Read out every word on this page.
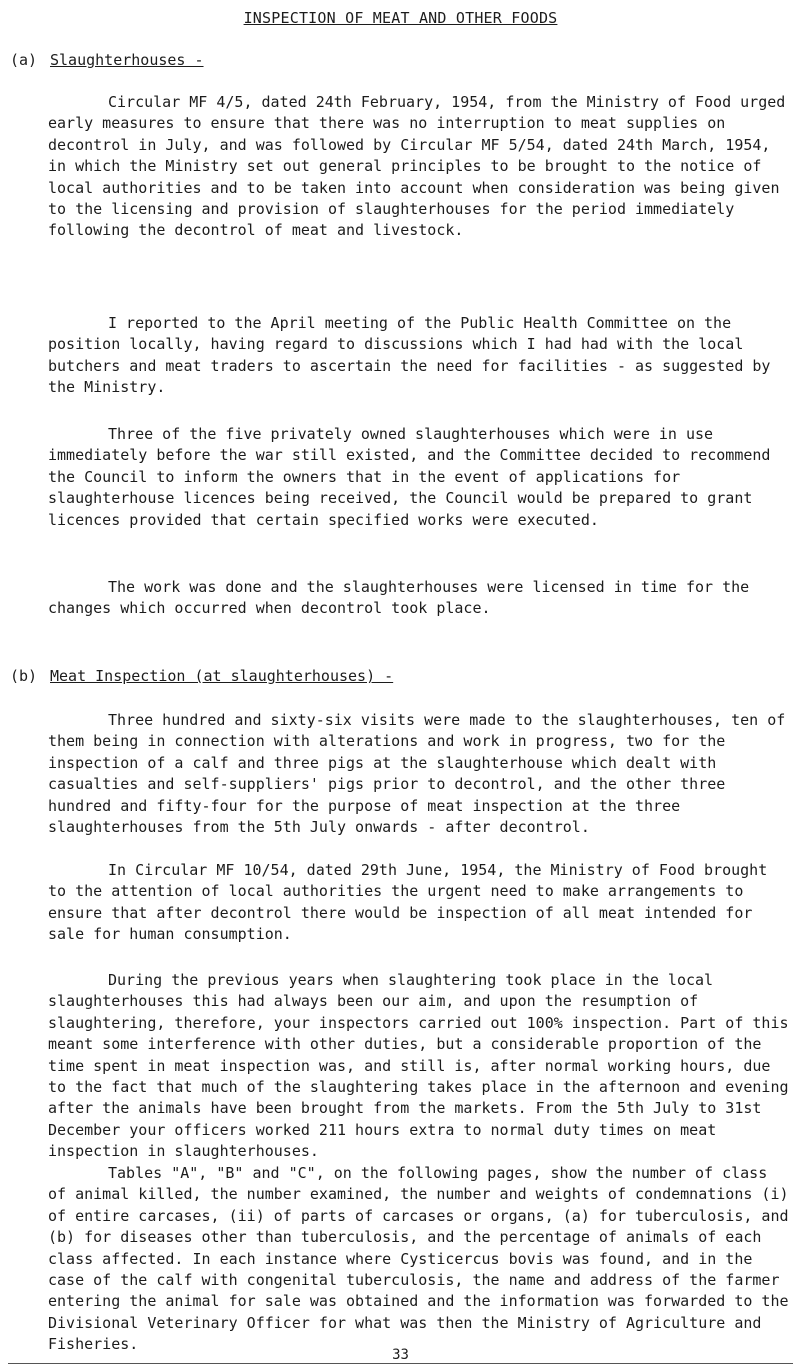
INSPECTION OF MEAT AND OTHER FOODS
(a) Slaughterhouses -

Circular MF 4/5, dated 24th February, 1954, from the Ministry of Food urged early measures to ensure that there was no interruption to meat supplies on decontrol in July, and was followed by Circular MF 5/54, dated 24th March, 1954, in which the Ministry set out general principles to be brought to the notice of local authorities and to be taken into account when consideration was being given to the licensing and provision of slaughterhouses for the period immediately following the decontrol of meat and livestock.

I reported to the April meeting of the Public Health Committee on the position locally, having regard to discussions which I had had with the local butchers and meat traders to ascertain the need for facilities - as suggested by the Ministry.

Three of the five privately owned slaughterhouses which were in use immediately before the war still existed, and the Committee decided to recommend the Council to inform the owners that in the event of applications for slaughterhouse licences being received, the Council would be prepared to grant licences provided that certain specified works were executed.

The work was done and the slaughterhouses were licensed in time for the changes which occurred when decontrol took place.

(b) Meat Inspection (at slaughterhouses) -

Three hundred and sixty-six visits were made to the slaughterhouses, ten of them being in connection with alterations and work in progress, two for the inspection of a calf and three pigs at the slaughterhouse which dealt with casualties and self-suppliers' pigs prior to decontrol, and the other three hundred and fifty-four for the purpose of meat inspection at the three slaughterhouses from the 5th July onwards - after decontrol.

In Circular MF 10/54, dated 29th June, 1954, the Ministry of Food brought to the attention of local authorities the urgent need to make arrangements to ensure that after decontrol there would be inspection of all meat intended for sale for human consumption.

During the previous years when slaughtering took place in the local slaughterhouses this had always been our aim, and upon the resumption of slaughtering, therefore, your inspectors carried out 100% inspection. Part of this meant some interference with other duties, but a considerable proportion of the time spent in meat inspection was, and still is, after normal working hours, due to the fact that much of the slaughtering takes place in the afternoon and evening after the animals have been brought from the markets. From the 5th July to 31st December your officers worked 211 hours extra to normal duty times on meat inspection in slaughterhouses.

Tables "A", "B" and "C", on the following pages, show the number of class of animal killed, the number examined, the number and weights of condemnations (i) of entire carcases, (ii) of parts of carcases or organs, (a) for tuberculosis, and (b) for diseases other than tuberculosis, and the percentage of animals of each class affected. In each instance where Cysticercus bovis was found, and in the case of the calf with congenital tuberculosis, the name and address of the farmer entering the animal for sale was obtained and the information was forwarded to the Divisional Veterinary Officer for what was then the Ministry of Agriculture and Fisheries.

33
